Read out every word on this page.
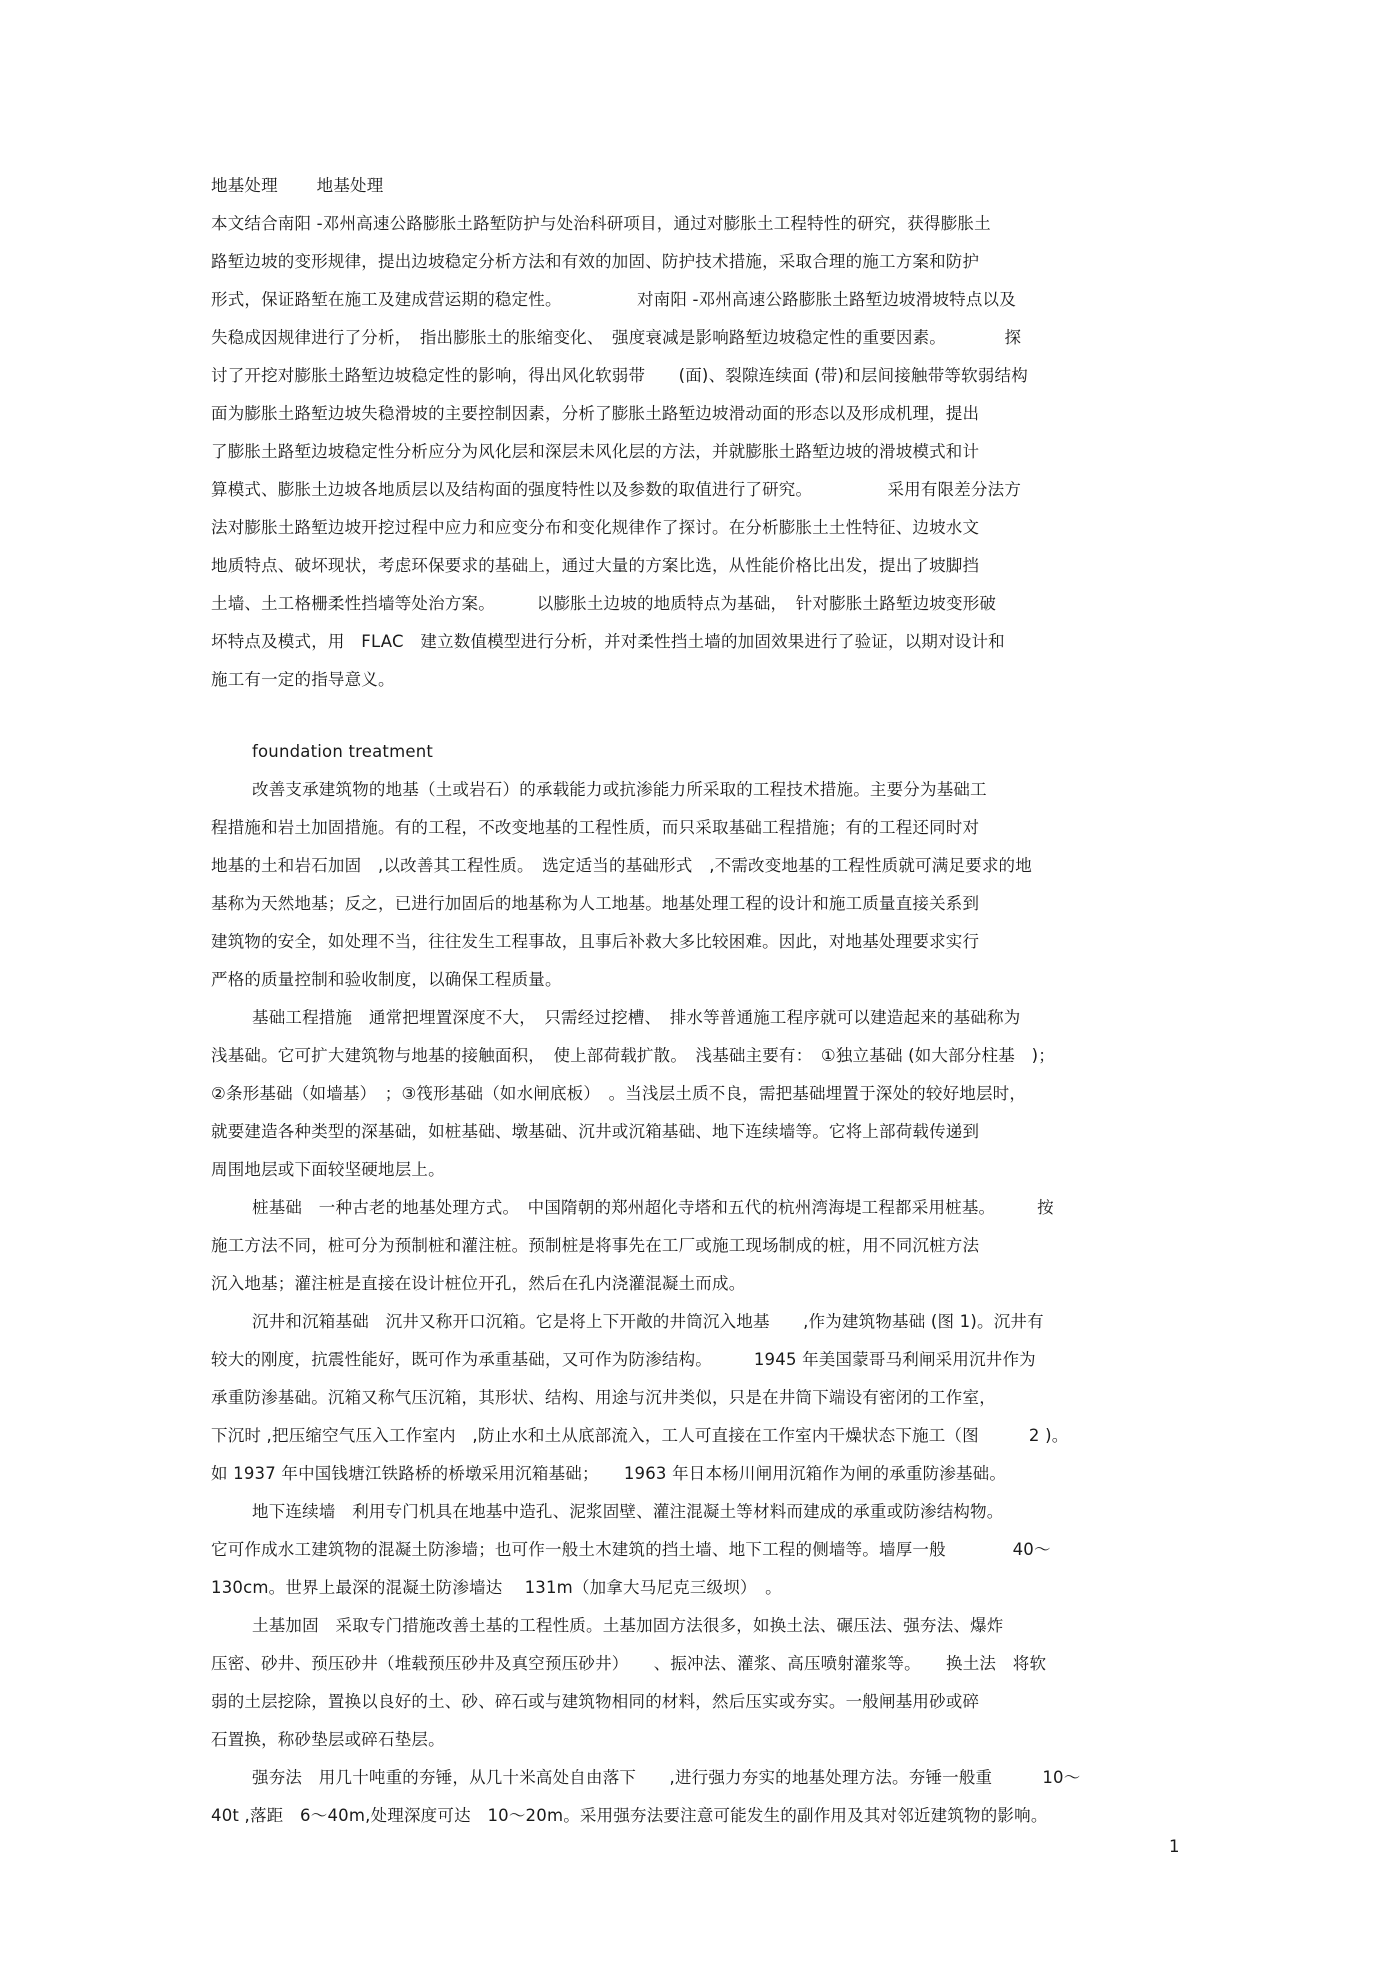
地基处理　　 地基处理
本文结合南阳 -邓州高速公路膨胀土路堑防护与处治科研项目，通过对膨胀土工程特性的研究，获得膨胀土
路堑边坡的变形规律，提出边坡稳定分析方法和有效的加固、防护技术措施，采取合理的施工方案和防护
形式，保证路堑在施工及建成营运期的稳定性。　　　　　对南阳 -邓州高速公路膨胀土路堑边坡滑坡特点以及
失稳成因规律进行了分析，　指出膨胀土的胀缩变化、　强度衰减是影响路堑边坡稳定性的重要因素。　　　　探
讨了开挖对膨胀土路堑边坡稳定性的影响，得出风化软弱带　　(面)、裂隙连续面 (带)和层间接触带等软弱结构
面为膨胀土路堑边坡失稳滑坡的主要控制因素，分析了膨胀土路堑边坡滑动面的形态以及形成机理，提出
了膨胀土路堑边坡稳定性分析应分为风化层和深层未风化层的方法，并就膨胀土路堑边坡的滑坡模式和计
算模式、膨胀土边坡各地质层以及结构面的强度特性以及参数的取值进行了研究。　　　　　采用有限差分法方
法对膨胀土路堑边坡开挖过程中应力和应变分布和变化规律作了探讨。在分析膨胀土土性特征、边坡水文
地质特点、破坏现状，考虑环保要求的基础上，通过大量的方案比选，从性能价格比出发，提出了坡脚挡
土墙、土工格栅柔性挡墙等处治方案。　　　以膨胀土边坡的地质特点为基础，　针对膨胀土路堑边坡变形破
坏特点及模式，用　FLAC　建立数值模型进行分析，并对柔性挡土墙的加固效果进行了验证，以期对设计和
施工有一定的指导意义。
foundation treatment
改善支承建筑物的地基（土或岩石）的承载能力或抗渗能力所采取的工程技术措施。主要分为基础工
程措施和岩土加固措施。有的工程，不改变地基的工程性质，而只采取基础工程措施；有的工程还同时对
地基的土和岩石加固　,以改善其工程性质。　选定适当的基础形式　,不需改变地基的工程性质就可满足要求的地
基称为天然地基；反之，已进行加固后的地基称为人工地基。地基处理工程的设计和施工质量直接关系到
建筑物的安全，如处理不当，往往发生工程事故，且事后补救大多比较困难。因此，对地基处理要求实行
严格的质量控制和验收制度，以确保工程质量。
基础工程措施　通常把埋置深度不大，　只需经过挖槽、　排水等普通施工程序就可以建造起来的基础称为
浅基础。它可扩大建筑物与地基的接触面积，　使上部荷载扩散。　浅基础主要有：　①独立基础 (如大部分柱基　)；
②条形基础（如墙基）　；③筏形基础（如水闸底板）　。当浅层土质不良，需把基础埋置于深处的较好地层时，
就要建造各种类型的深基础，如桩基础、墩基础、沉井或沉箱基础、地下连续墙等。它将上部荷载传递到
周围地层或下面较坚硬地层上。
桩基础　一种古老的地基处理方式。　中国隋朝的郑州超化寺塔和五代的杭州湾海堤工程都采用桩基。　　　按
施工方法不同，桩可分为预制桩和灌注桩。预制桩是将事先在工厂或施工现场制成的桩，用不同沉桩方法
沉入地基；灌注桩是直接在设计桩位开孔，然后在孔内浇灌混凝土而成。
沉井和沉箱基础　沉井又称开口沉箱。它是将上下开敞的井筒沉入地基　　,作为建筑物基础 (图 1)。沉井有
较大的刚度，抗震性能好，既可作为承重基础，又可作为防渗结构。　　　1945 年美国蒙哥马利闸采用沉井作为
承重防渗基础。沉箱又称气压沉箱，其形状、结构、用途与沉井类似，只是在井筒下端设有密闭的工作室，
下沉时 ,把压缩空气压入工作室内　,防止水和土从底部流入，工人可直接在工作室内干燥状态下施工（图　　　2 )。
如 1937 年中国钱塘江铁路桥的桥墩采用沉箱基础；　　1963 年日本杨川闸用沉箱作为闸的承重防渗基础。
地下连续墙　利用专门机具在地基中造孔、泥浆固壁、灌注混凝土等材料而建成的承重或防渗结构物。
它可作成水工建筑物的混凝土防渗墙；也可作一般土木建筑的挡土墙、地下工程的侧墙等。墙厚一般　　　　40～
130cm。世界上最深的混凝土防渗墙达　 131m（加拿大马尼克三级坝）　。
土基加固　采取专门措施改善土基的工程性质。土基加固方法很多，如换土法、碾压法、强夯法、爆炸
压密、砂井、预压砂井（堆载预压砂井及真空预压砂井）　　、振冲法、灌浆、高压喷射灌浆等。　　换土法　将软
弱的土层挖除，置换以良好的土、砂、碎石或与建筑物相同的材料，然后压实或夯实。一般闸基用砂或碎
石置换，称砂垫层或碎石垫层。
强夯法　用几十吨重的夯锤，从几十米高处自由落下　　,进行强力夯实的地基处理方法。夯锤一般重　　　10～
40t ,落距　6～40m,处理深度可达　10～20m。采用强夯法要注意可能发生的副作用及其对邻近建筑物的影响。
1
